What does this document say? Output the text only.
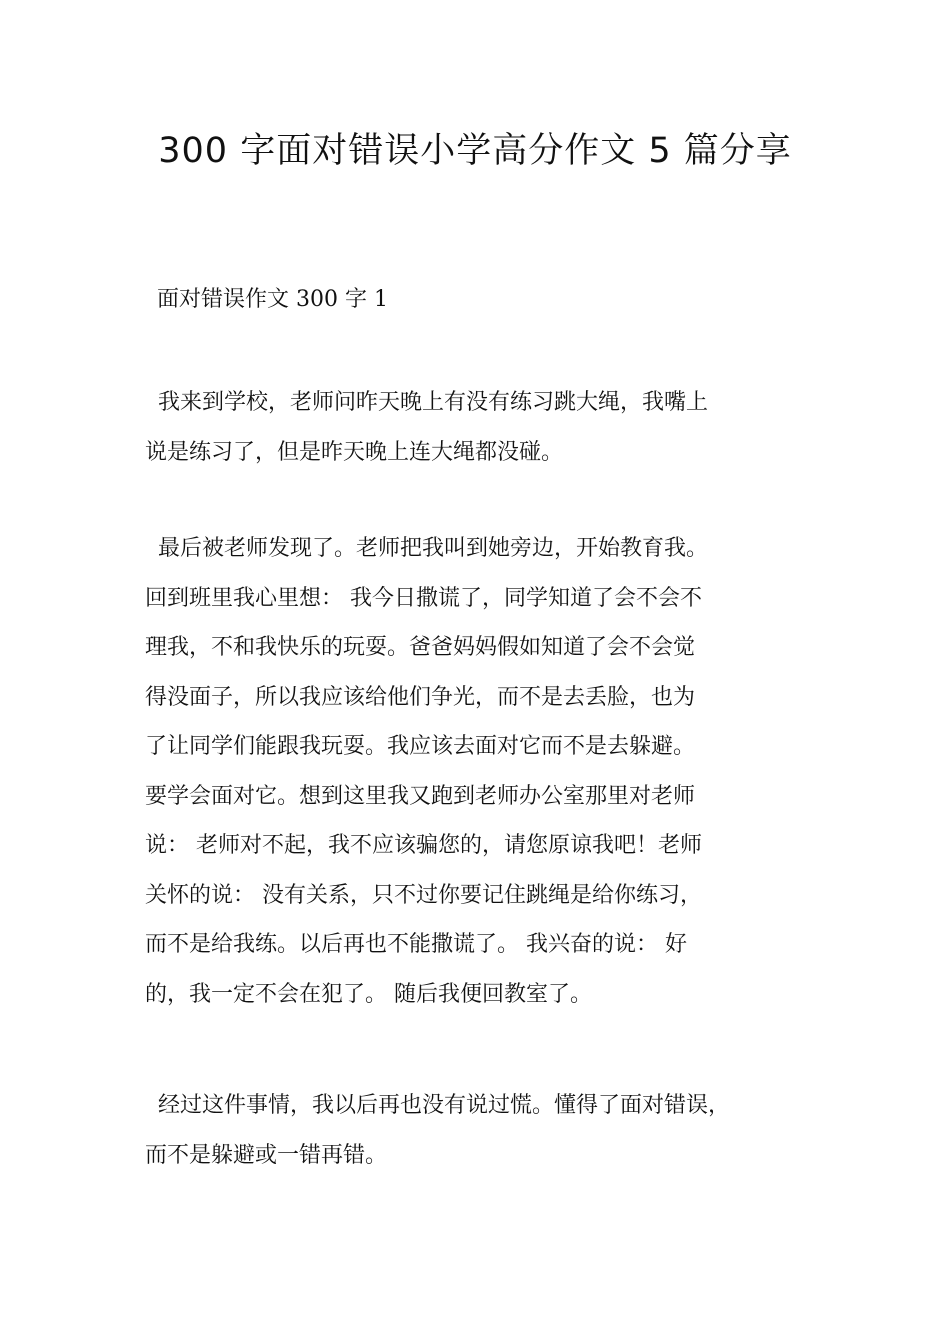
300 字面对错误小学高分作文 5 篇分享
面对错误作文 300 字 1
我来到学校，老师问昨天晚上有没有练习跳大绳，我嘴上
说是练习了，但是昨天晚上连大绳都没碰。
最后被老师发现了。老师把我叫到她旁边，开始教育我。
回到班里我心里想： 我今日撒谎了，同学知道了会不会不
理我，不和我快乐的玩耍。爸爸妈妈假如知道了会不会觉
得没面子，所以我应该给他们争光，而不是去丢脸，也为
了让同学们能跟我玩耍。我应该去面对它而不是去躲避。
要学会面对它。想到这里我又跑到老师办公室那里对老师
说： 老师对不起，我不应该骗您的，请您原谅我吧！老师
关怀的说： 没有关系，只不过你要记住跳绳是给你练习，
而不是给我练。以后再也不能撒谎了。 我兴奋的说： 好
的，我一定不会在犯了。 随后我便回教室了。
经过这件事情，我以后再也没有说过慌。懂得了面对错误，
而不是躲避或一错再错。
